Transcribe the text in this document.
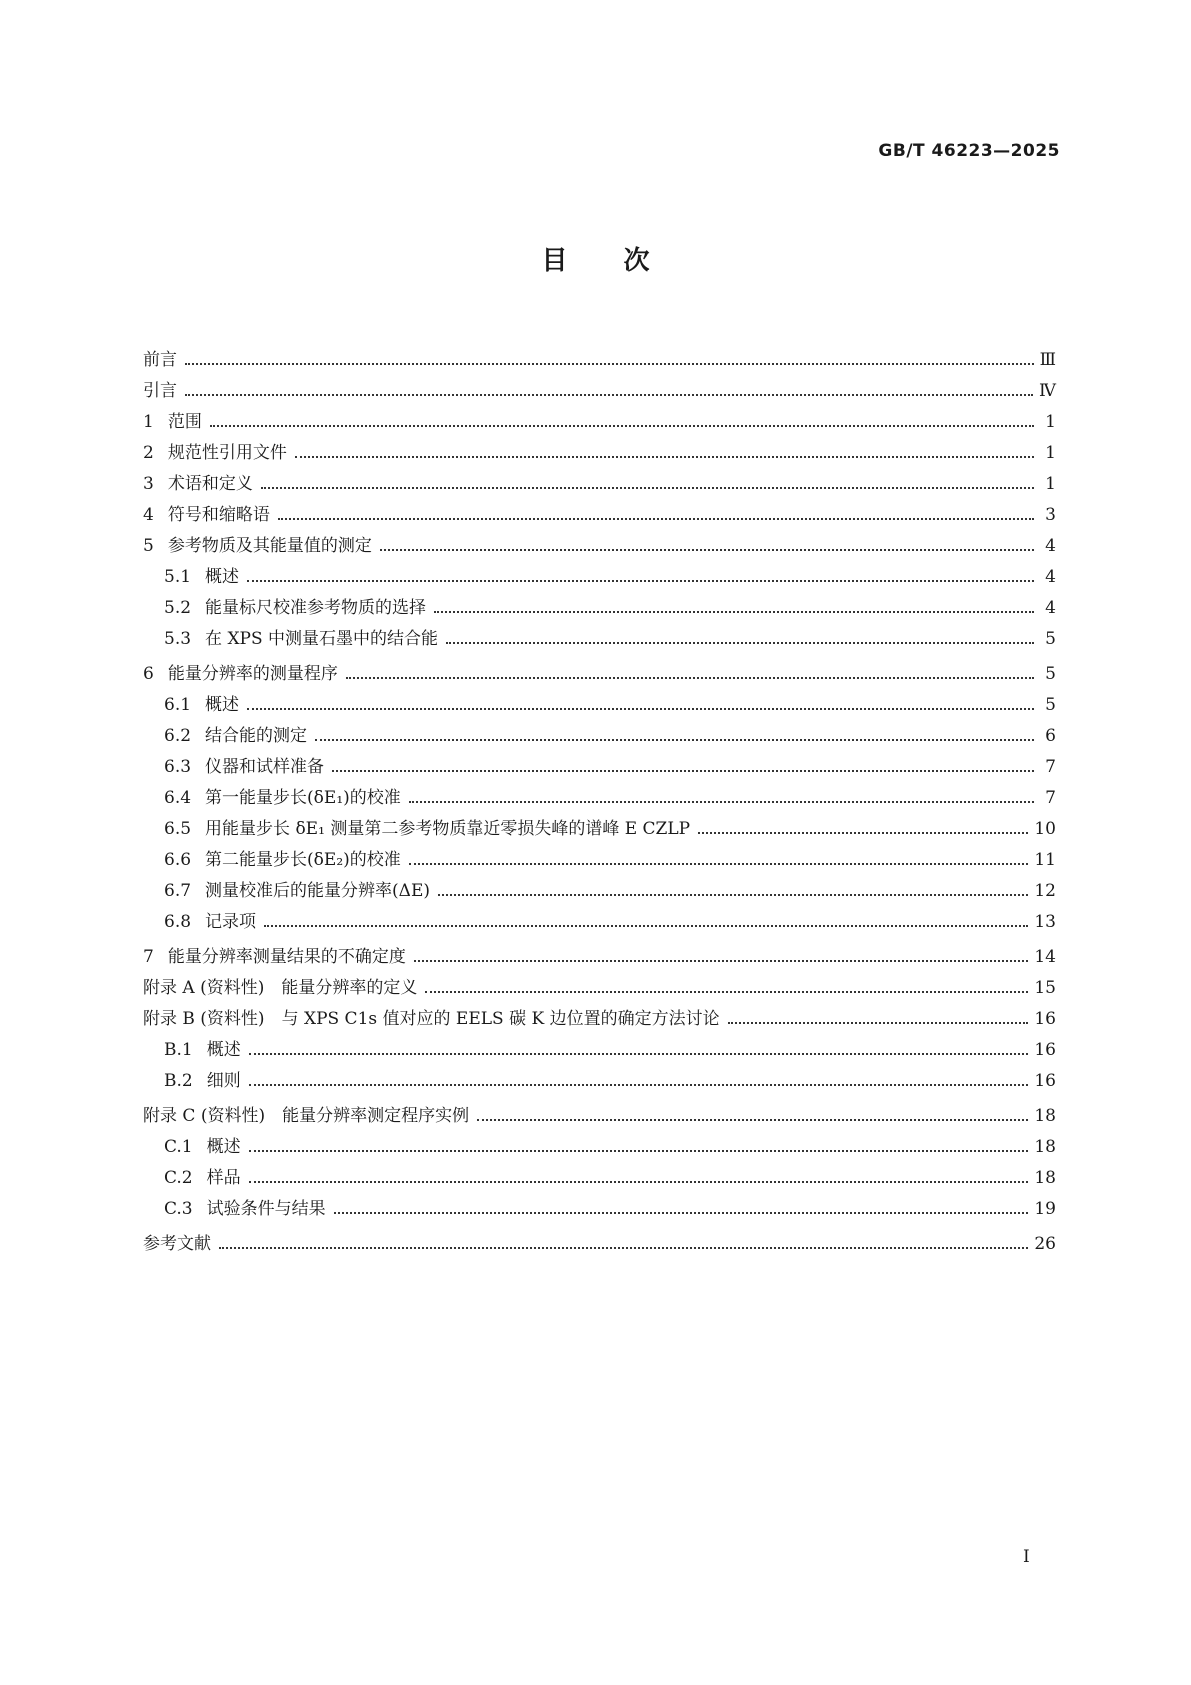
GB/T 46223—2025
目次
前言	Ⅲ
引言	Ⅳ
1 范围	1
2 规范性引用文件	1
3 术语和定义	1
4 符号和缩略语	3
5 参考物质及其能量值的测定	4
5.1 概述	4
5.2 能量标尺校准参考物质的选择	4
5.3 在 XPS 中测量石墨中的结合能	5
6 能量分辨率的测量程序	5
6.1 概述	5
6.2 结合能的测定	6
6.3 仪器和试样准备	7
6.4 第一能量步长(δE₁)的校准	7
6.5 用能量步长 δE₁ 测量第二参考物质靠近零损失峰的谱峰 E CZLP	10
6.6 第二能量步长(δE₂)的校准	11
6.7 测量校准后的能量分辨率(ΔE)	12
6.8 记录项	13
7 能量分辨率测量结果的不确定度	14
附录 A (资料性)　能量分辨率的定义	15
附录 B (资料性)　与 XPS C1s 值对应的 EELS 碳 K 边位置的确定方法讨论	16
B.1 概述	16
B.2 细则	16
附录 C (资料性)　能量分辨率测定程序实例	18
C.1 概述	18
C.2 样品	18
C.3 试验条件与结果	19
参考文献	26
I
